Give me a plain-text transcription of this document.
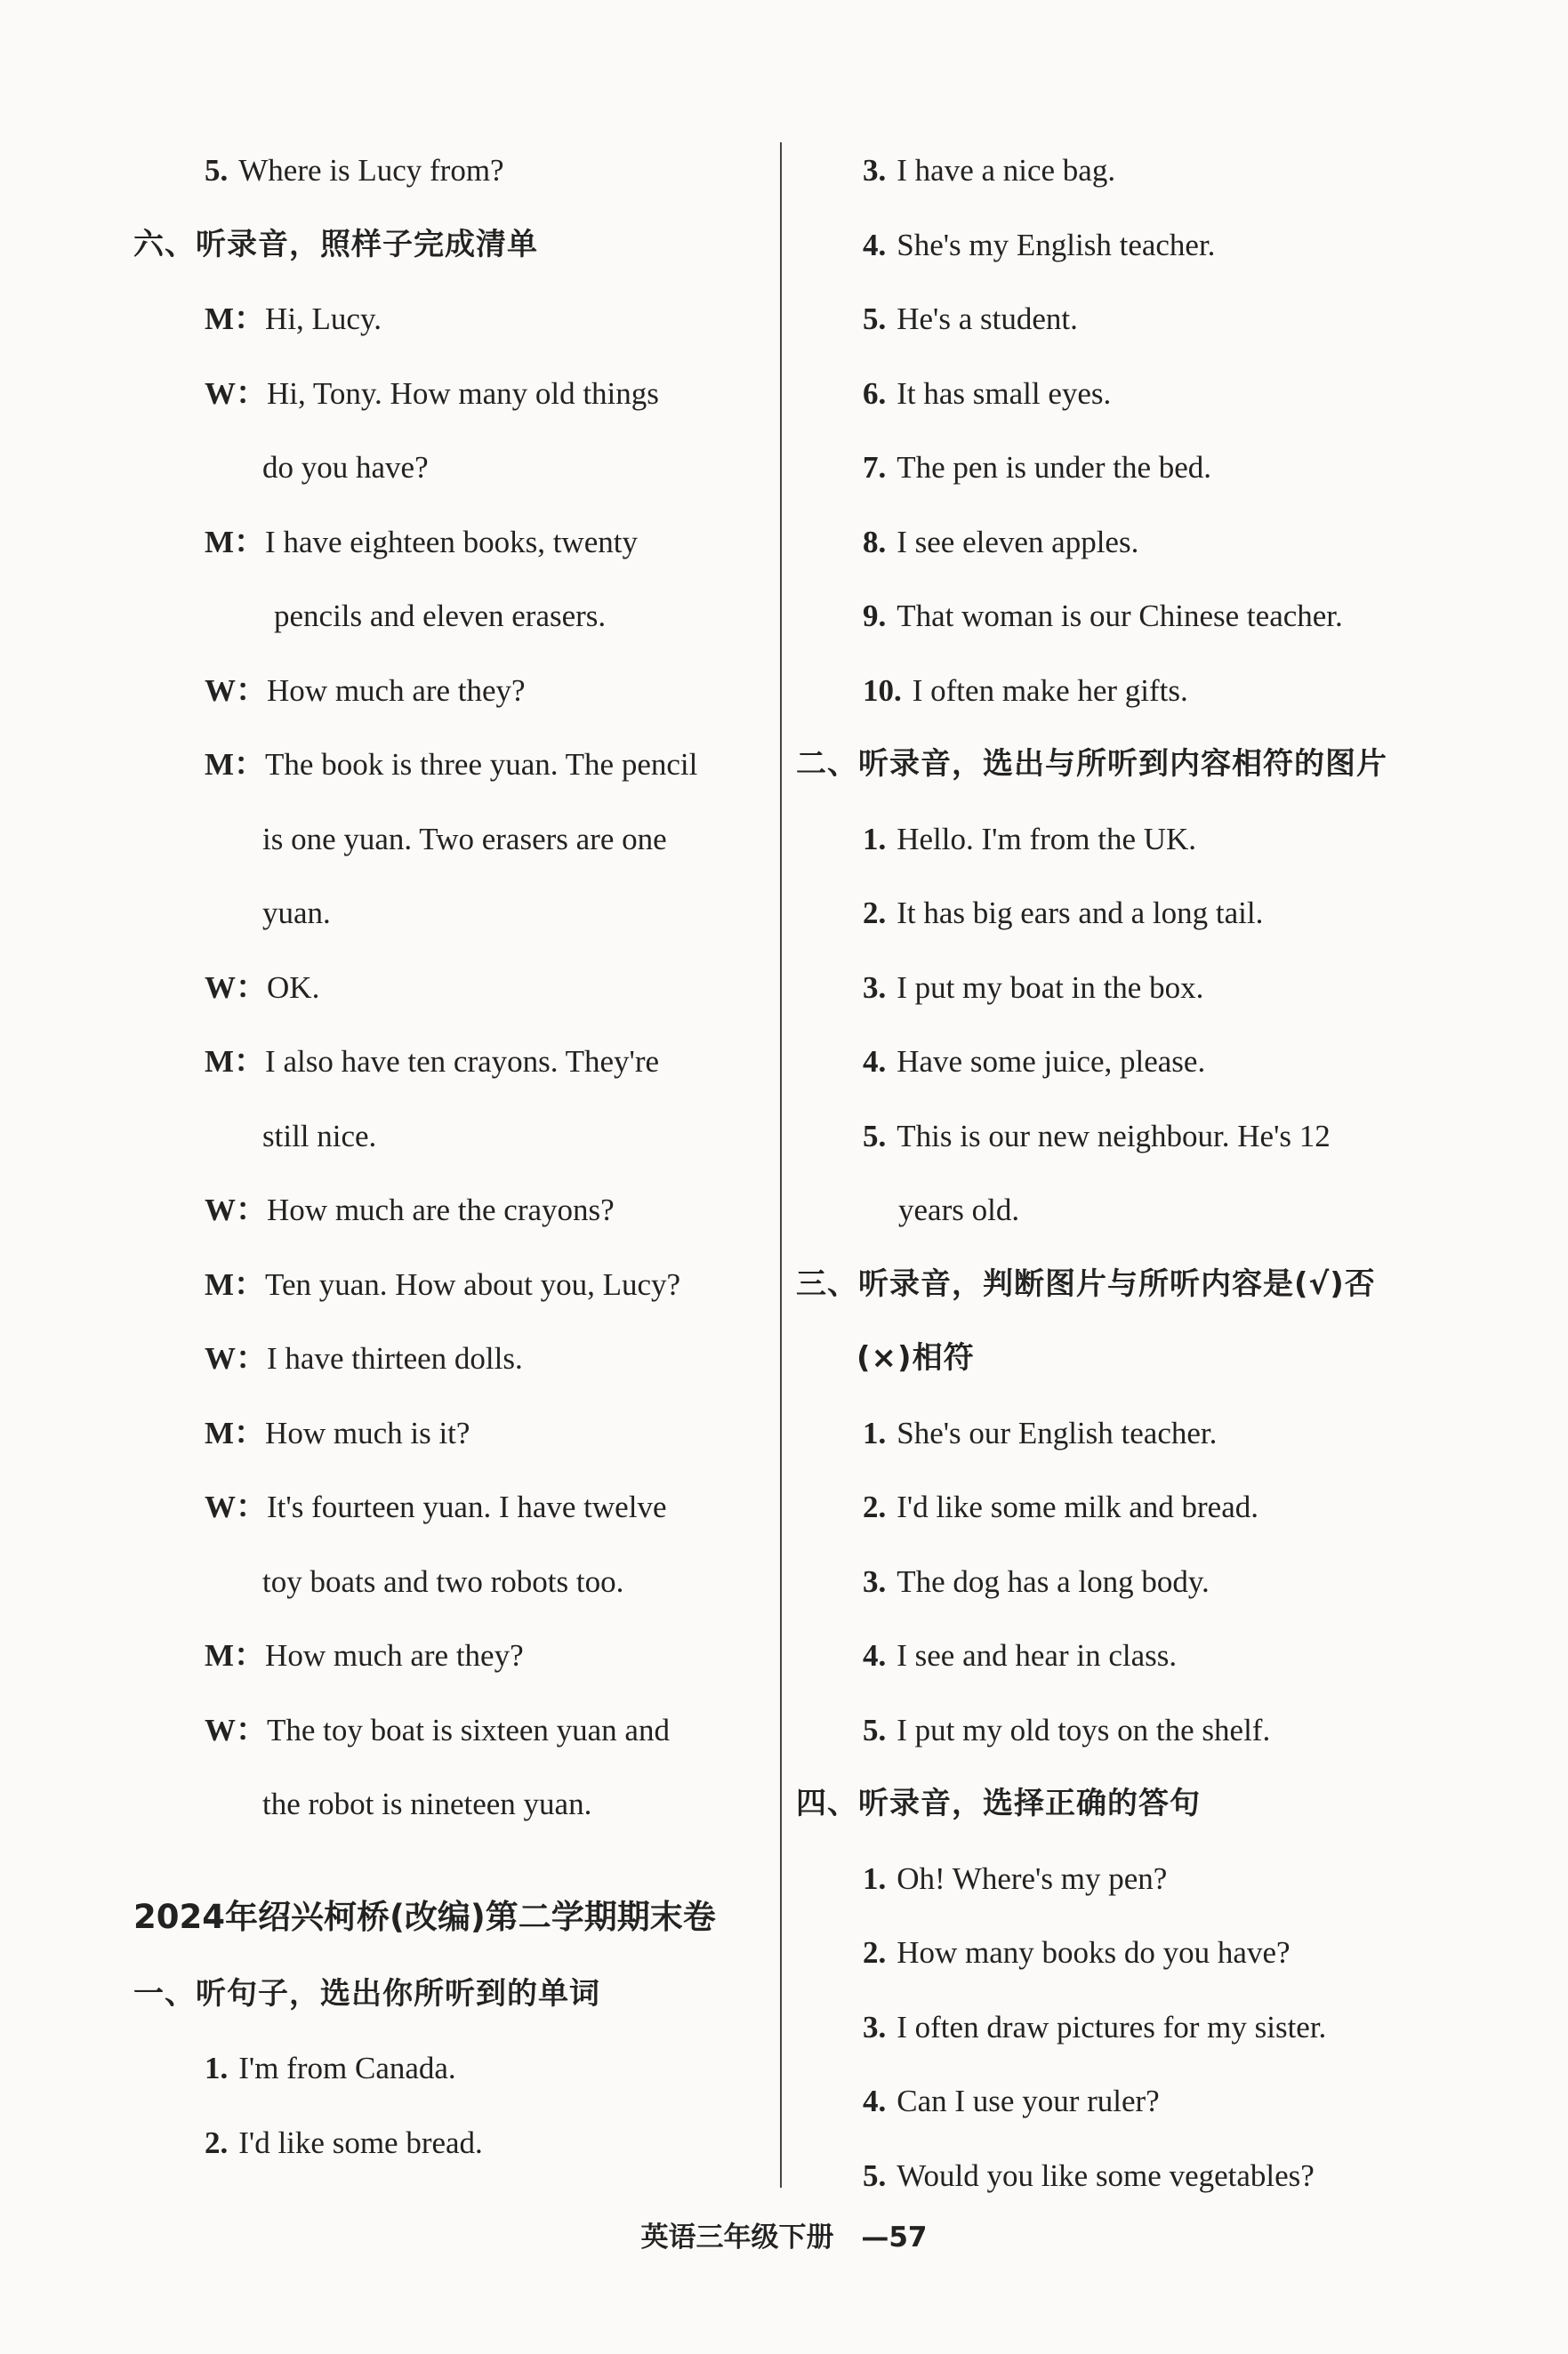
5. Where is Lucy from?
六、听录音，照样子完成清单
M：Hi, Lucy.
W：Hi, Tony. How many old things
do you have?
M：I have eighteen books, twenty
pencils and eleven erasers.
W：How much are they?
M：The book is three yuan. The pencil
is one yuan. Two erasers are one
yuan.
W：OK.
M：I also have ten crayons. They're
still nice.
W：How much are the crayons?
M：Ten yuan. How about you, Lucy?
W：I have thirteen dolls.
M：How much is it?
W：It's fourteen yuan. I have twelve
toy boats and two robots too.
M：How much are they?
W：The toy boat is sixteen yuan and
the robot is nineteen yuan.
2024年绍兴柯桥(改编)第二学期期末卷
一、听句子，选出你所听到的单词
1. I'm from Canada.
2. I'd like some bread.
3. I have a nice bag.
4. She's my English teacher.
5. He's a student.
6. It has small eyes.
7. The pen is under the bed.
8. I see eleven apples.
9. That woman is our Chinese teacher.
10. I often make her gifts.
二、听录音，选出与所听到内容相符的图片
1. Hello. I'm from the UK.
2. It has big ears and a long tail.
3. I put my boat in the box.
4. Have some juice, please.
5. This is our new neighbour. He's 12
years old.
三、听录音，判断图片与所听内容是(√)否
(×)相符
1. She's our English teacher.
2. I'd like some milk and bread.
3. The dog has a long body.
4. I see and hear in class.
5. I put my old toys on the shelf.
四、听录音，选择正确的答句
1. Oh! Where's my pen?
2. How many books do you have?
3. I often draw pictures for my sister.
4. Can I use your ruler?
5. Would you like some vegetables?
英语三年级下册 —57
